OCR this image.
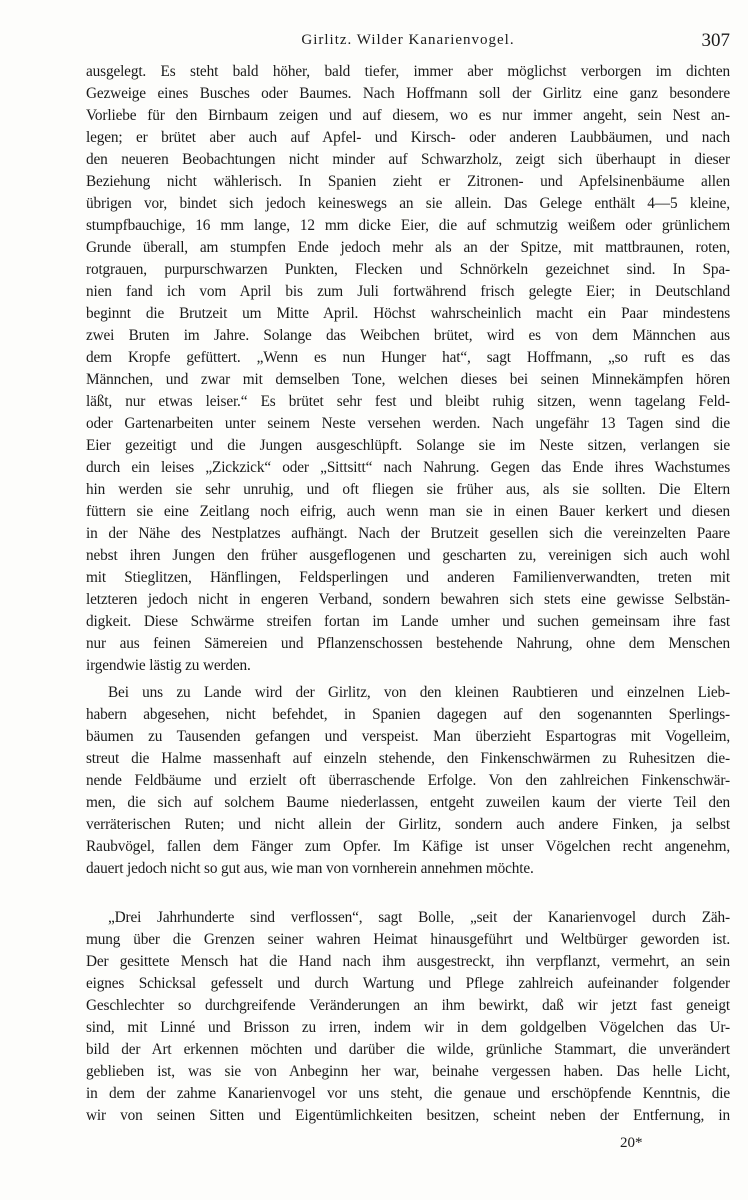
Girlitz. Wilder Kanarienvogel.	307
ausgelegt. Es steht bald höher, bald tiefer, immer aber möglichst verborgen im dichten
Gezweige eines Busches oder Baumes. Nach Hoffmann soll der Girlitz eine ganz besondere
Vorliebe für den Birnbaum zeigen und auf diesem, wo es nur immer angeht, sein Nest an-
legen; er brütet aber auch auf Apfel- und Kirsch- oder anderen Laubbäumen, und nach
den neueren Beobachtungen nicht minder auf Schwarzholz, zeigt sich überhaupt in dieser
Beziehung nicht wählerisch. In Spanien zieht er Zitronen- und Apfelsinenbäume allen
übrigen vor, bindet sich jedoch keineswegs an sie allein. Das Gelege enthält 4—5 kleine,
stumpfbauchige, 16 mm lange, 12 mm dicke Eier, die auf schmutzig weißem oder grünlichem
Grunde überall, am stumpfen Ende jedoch mehr als an der Spitze, mit mattbraunen, roten,
rotgrauen, purpurschwarzen Punkten, Flecken und Schnörkeln gezeichnet sind. In Spa-
nien fand ich vom April bis zum Juli fortwährend frisch gelegte Eier; in Deutschland
beginnt die Brutzeit um Mitte April. Höchst wahrscheinlich macht ein Paar mindestens
zwei Bruten im Jahre. Solange das Weibchen brütet, wird es von dem Männchen aus
dem Kropfe gefüttert. „Wenn es nun Hunger hat“, sagt Hoffmann, „so ruft es das
Männchen, und zwar mit demselben Tone, welchen dieses bei seinen Minnekämpfen hören
läßt, nur etwas leiser.“ Es brütet sehr fest und bleibt ruhig sitzen, wenn tagelang Feld-
oder Gartenarbeiten unter seinem Neste versehen werden. Nach ungefähr 13 Tagen sind die
Eier gezeitigt und die Jungen ausgeschlüpft. Solange sie im Neste sitzen, verlangen sie
durch ein leises „Zickzick“ oder „Sittsitt“ nach Nahrung. Gegen das Ende ihres Wachstumes
hin werden sie sehr unruhig, und oft fliegen sie früher aus, als sie sollten. Die Eltern
füttern sie eine Zeitlang noch eifrig, auch wenn man sie in einen Bauer kerkert und diesen
in der Nähe des Nestplatzes aufhängt. Nach der Brutzeit gesellen sich die vereinzelten Paare
nebst ihren Jungen den früher ausgeflogenen und gescharten zu, vereinigen sich auch wohl
mit Stieglitzen, Hänflingen, Feldsperlingen und anderen Familienverwandten, treten mit
letzteren jedoch nicht in engeren Verband, sondern bewahren sich stets eine gewisse Selbstän-
digkeit. Diese Schwärme streifen fortan im Lande umher und suchen gemeinsam ihre fast
nur aus feinen Sämereien und Pflanzenschossen bestehende Nahrung, ohne dem Menschen
irgendwie lästig zu werden.
Bei uns zu Lande wird der Girlitz, von den kleinen Raubtieren und einzelnen Lieb-
habern abgesehen, nicht befehdet, in Spanien dagegen auf den sogenannten Sperlings-
bäumen zu Tausenden gefangen und verspeist. Man überzieht Espartogras mit Vogelleim,
streut die Halme massenhaft auf einzeln stehende, den Finkenschwärmen zu Ruhesitzen die-
nende Feldbäume und erzielt oft überraschende Erfolge. Von den zahlreichen Finkenschwär-
men, die sich auf solchem Baume niederlassen, entgeht zuweilen kaum der vierte Teil den
verräterischen Ruten; und nicht allein der Girlitz, sondern auch andere Finken, ja selbst
Raubvögel, fallen dem Fänger zum Opfer. Im Käfige ist unser Vögelchen recht angenehm,
dauert jedoch nicht so gut aus, wie man von vornherein annehmen möchte.
„Drei Jahrhunderte sind verflossen“, sagt Bolle, „seit der Kanarienvogel durch Zäh-
mung über die Grenzen seiner wahren Heimat hinausgeführt und Weltbürger geworden ist.
Der gesittete Mensch hat die Hand nach ihm ausgestreckt, ihn verpflanzt, vermehrt, an sein
eignes Schicksal gefesselt und durch Wartung und Pflege zahlreich aufeinander folgender
Geschlechter so durchgreifende Veränderungen an ihm bewirkt, daß wir jetzt fast geneigt
sind, mit Linné und Brisson zu irren, indem wir in dem goldgelben Vögelchen das Ur-
bild der Art erkennen möchten und darüber die wilde, grünliche Stammart, die unverändert
geblieben ist, was sie von Anbeginn her war, beinahe vergessen haben. Das helle Licht,
in dem der zahme Kanarienvogel vor uns steht, die genaue und erschöpfende Kenntnis, die
wir von seinen Sitten und Eigentümlichkeiten besitzen, scheint neben der Entfernung, in
20*
